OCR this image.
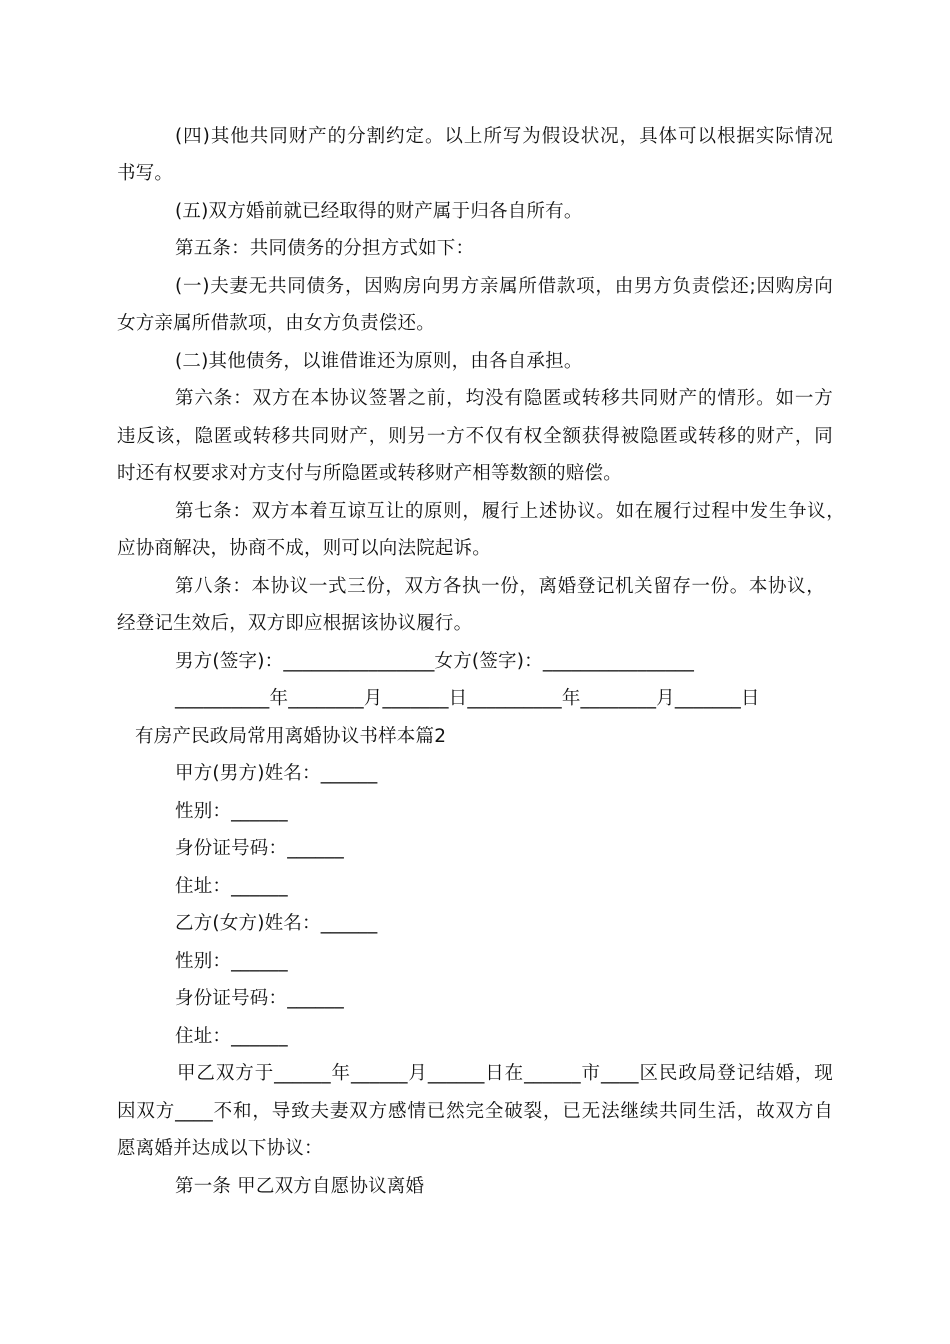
(四)其他共同财产的分割约定。以上所写为假设状况，具体可以根据实际情况
书写。
(五)双方婚前就已经取得的财产属于归各自所有。
第五条：共同债务的分担方式如下：
(一)夫妻无共同债务，因购房向男方亲属所借款项，由男方负责偿还;因购房向
女方亲属所借款项，由女方负责偿还。
(二)其他债务，以谁借谁还为原则，由各自承担。
第六条：双方在本协议签署之前，均没有隐匿或转移共同财产的情形。如一方
违反该，隐匿或转移共同财产，则另一方不仅有权全额获得被隐匿或转移的财产，同
时还有权要求对方支付与所隐匿或转移财产相等数额的赔偿。
第七条：双方本着互谅互让的原则，履行上述协议。如在履行过程中发生争议，
应协商解决，协商不成，则可以向法院起诉。
第八条：本协议一式三份，双方各执一份，离婚登记机关留存一份。本协议，
经登记生效后，双方即应根据该协议履行。
男方(签字)：________________女方(签字)：________________
__________年________月_______日__________年________月_______日
有房产民政局常用离婚协议书样本篇2
甲方(男方)姓名：______
性别：______
身份证号码：______
住址：______
乙方(女方)姓名：______
性别：______
身份证号码：______
住址：______
甲乙双方于______年______月______日在______市____区民政局登记结婚，现
因双方____不和，导致夫妻双方感情已然完全破裂，已无法继续共同生活，故双方自
愿离婚并达成以下协议：
第一条 甲乙双方自愿协议离婚
